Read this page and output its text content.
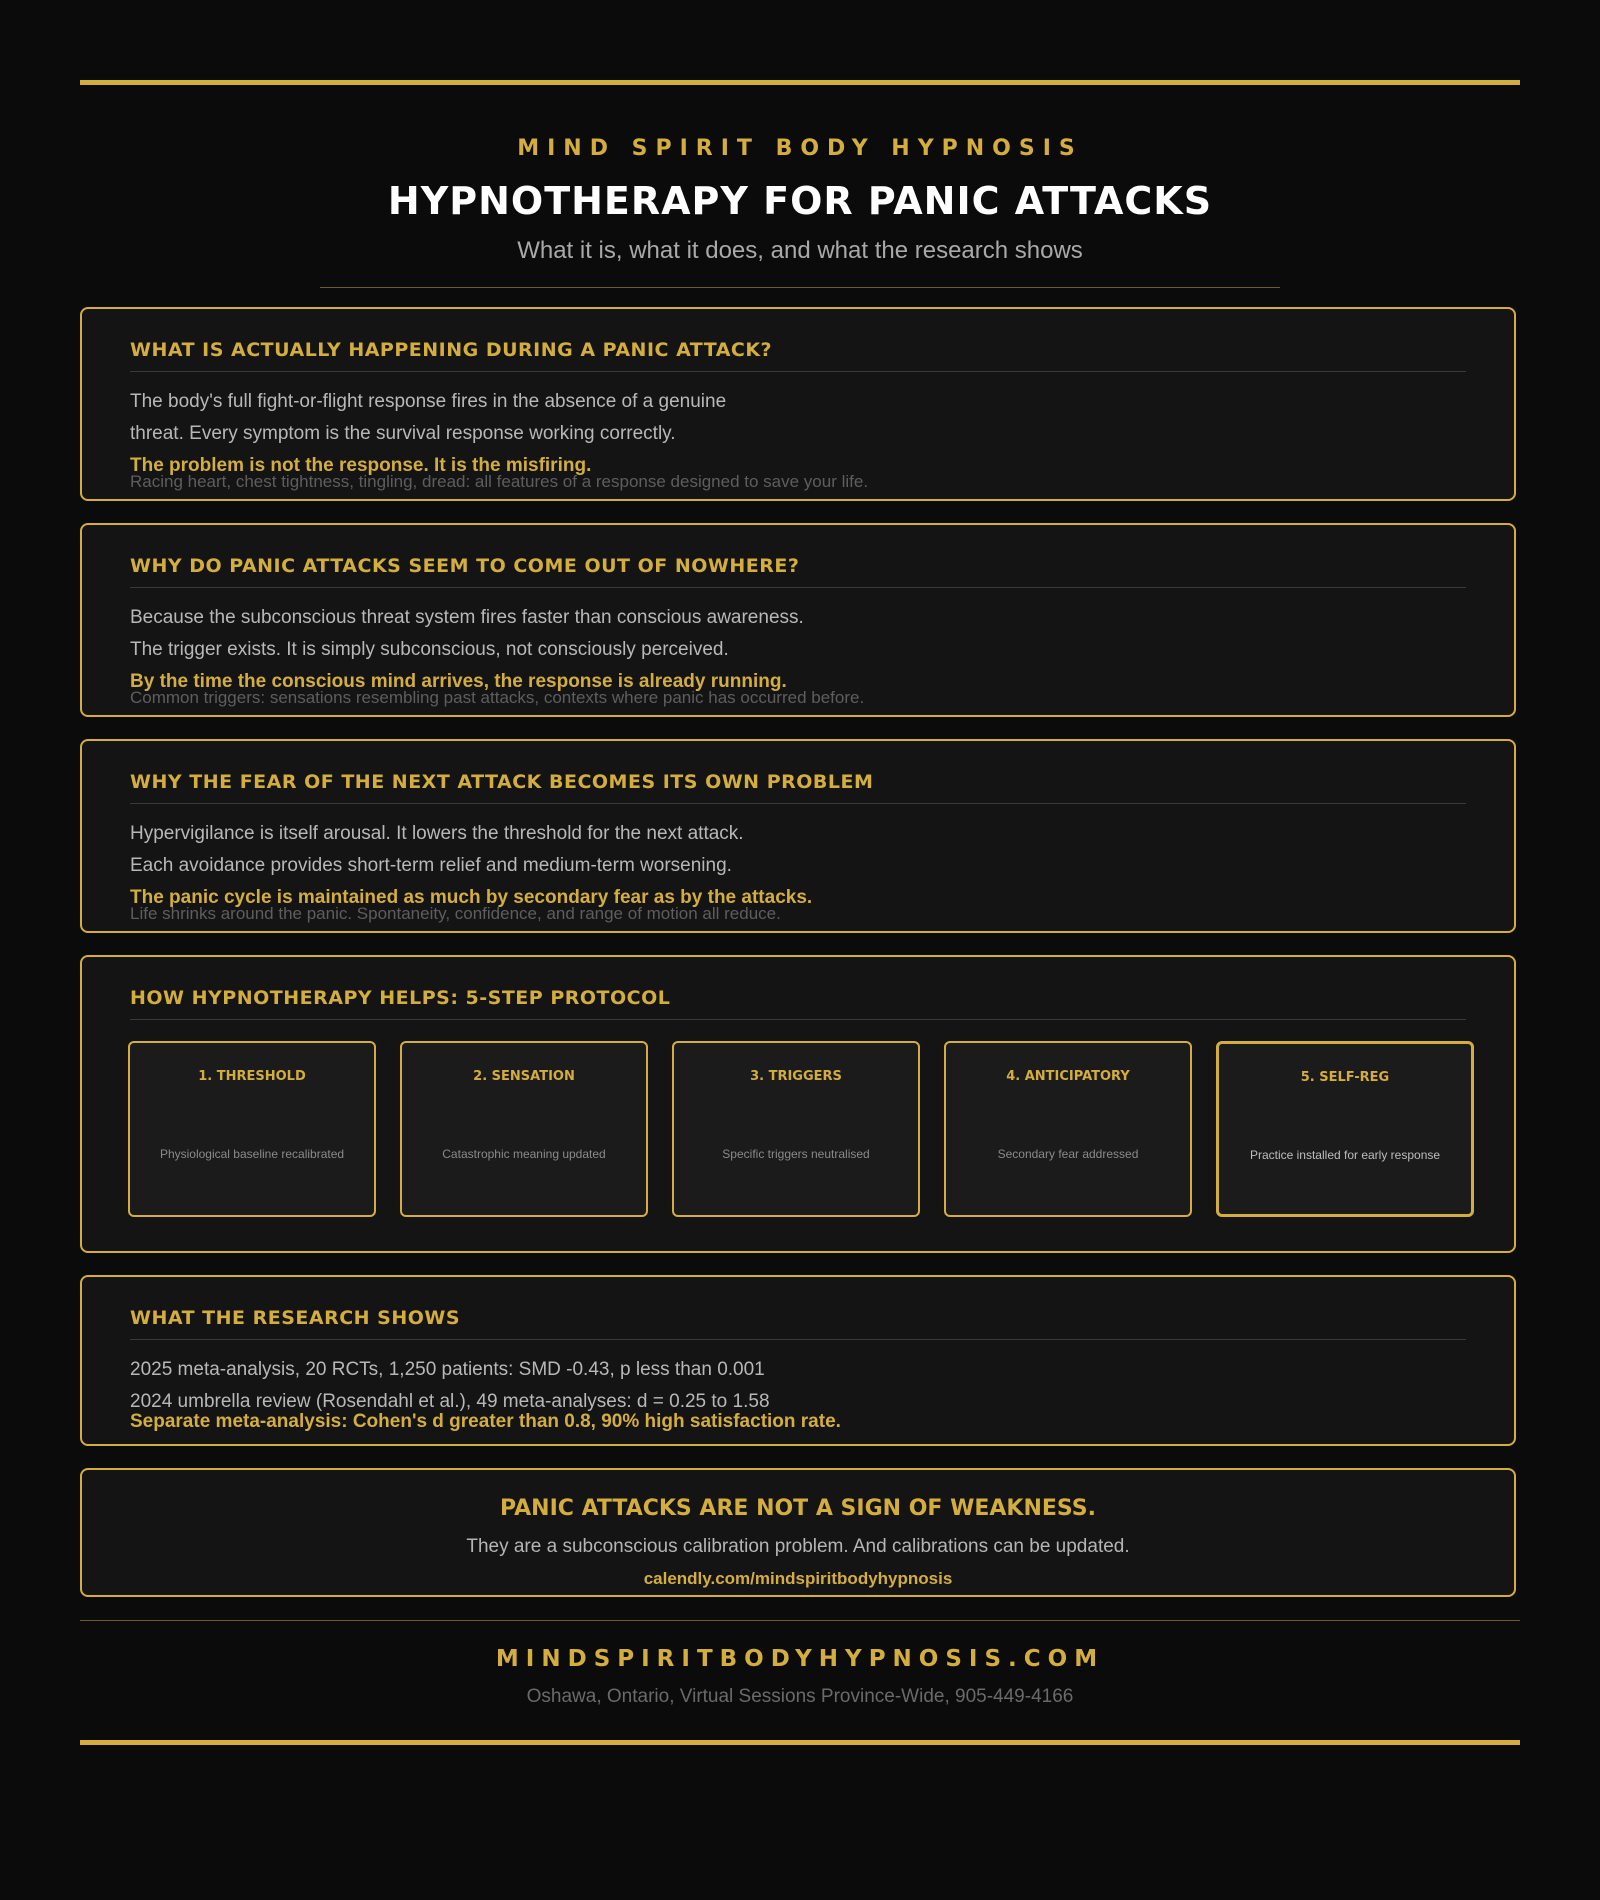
MIND SPIRIT BODY HYPNOSIS
HYPNOTHERAPY FOR PANIC ATTACKS
What it is, what it does, and what the research shows
WHAT IS ACTUALLY HAPPENING DURING A PANIC ATTACK?
The body's full fight-or-flight response fires in the absence of a genuine
threat. Every symptom is the survival response working correctly.
Racing heart, chest tightness, tingling, dread: all features of a response designed to save your life.
The problem is not the response. It is the misfiring.
WHY DO PANIC ATTACKS SEEM TO COME OUT OF NOWHERE?
Because the subconscious threat system fires faster than conscious awareness.
The trigger exists. It is simply subconscious, not consciously perceived.
Common triggers: sensations resembling past attacks, contexts where panic has occurred before.
By the time the conscious mind arrives, the response is already running.
WHY THE FEAR OF THE NEXT ATTACK BECOMES ITS OWN PROBLEM
Hypervigilance is itself arousal. It lowers the threshold for the next attack.
Each avoidance provides short-term relief and medium-term worsening.
Life shrinks around the panic. Spontaneity, confidence, and range of motion all reduce.
The panic cycle is maintained as much by secondary fear as by the attacks.
HOW HYPNOTHERAPY HELPS: 5-STEP PROTOCOL
1. THRESHOLD
Physiological baseline recalibrated
2. SENSATION
Catastrophic meaning updated
3. TRIGGERS
Specific triggers neutralised
4. ANTICIPATORY
Secondary fear addressed
5. SELF-REG
Practice installed for early response
WHAT THE RESEARCH SHOWS
2025 meta-analysis, 20 RCTs, 1,250 patients: SMD -0.43, p less than 0.001
2024 umbrella review (Rosendahl et al.), 49 meta-analyses: d = 0.25 to 1.58
Separate meta-analysis: Cohen's d greater than 0.8, 90% high satisfaction rate.
PANIC ATTACKS ARE NOT A SIGN OF WEAKNESS.
They are a subconscious calibration problem. And calibrations can be updated.
calendly.com/mindspiritbodyhypnosis
MINDSPIRITBODYHYPNOSIS.COM
Oshawa, Ontario, Virtual Sessions Province-Wide, 905-449-4166
